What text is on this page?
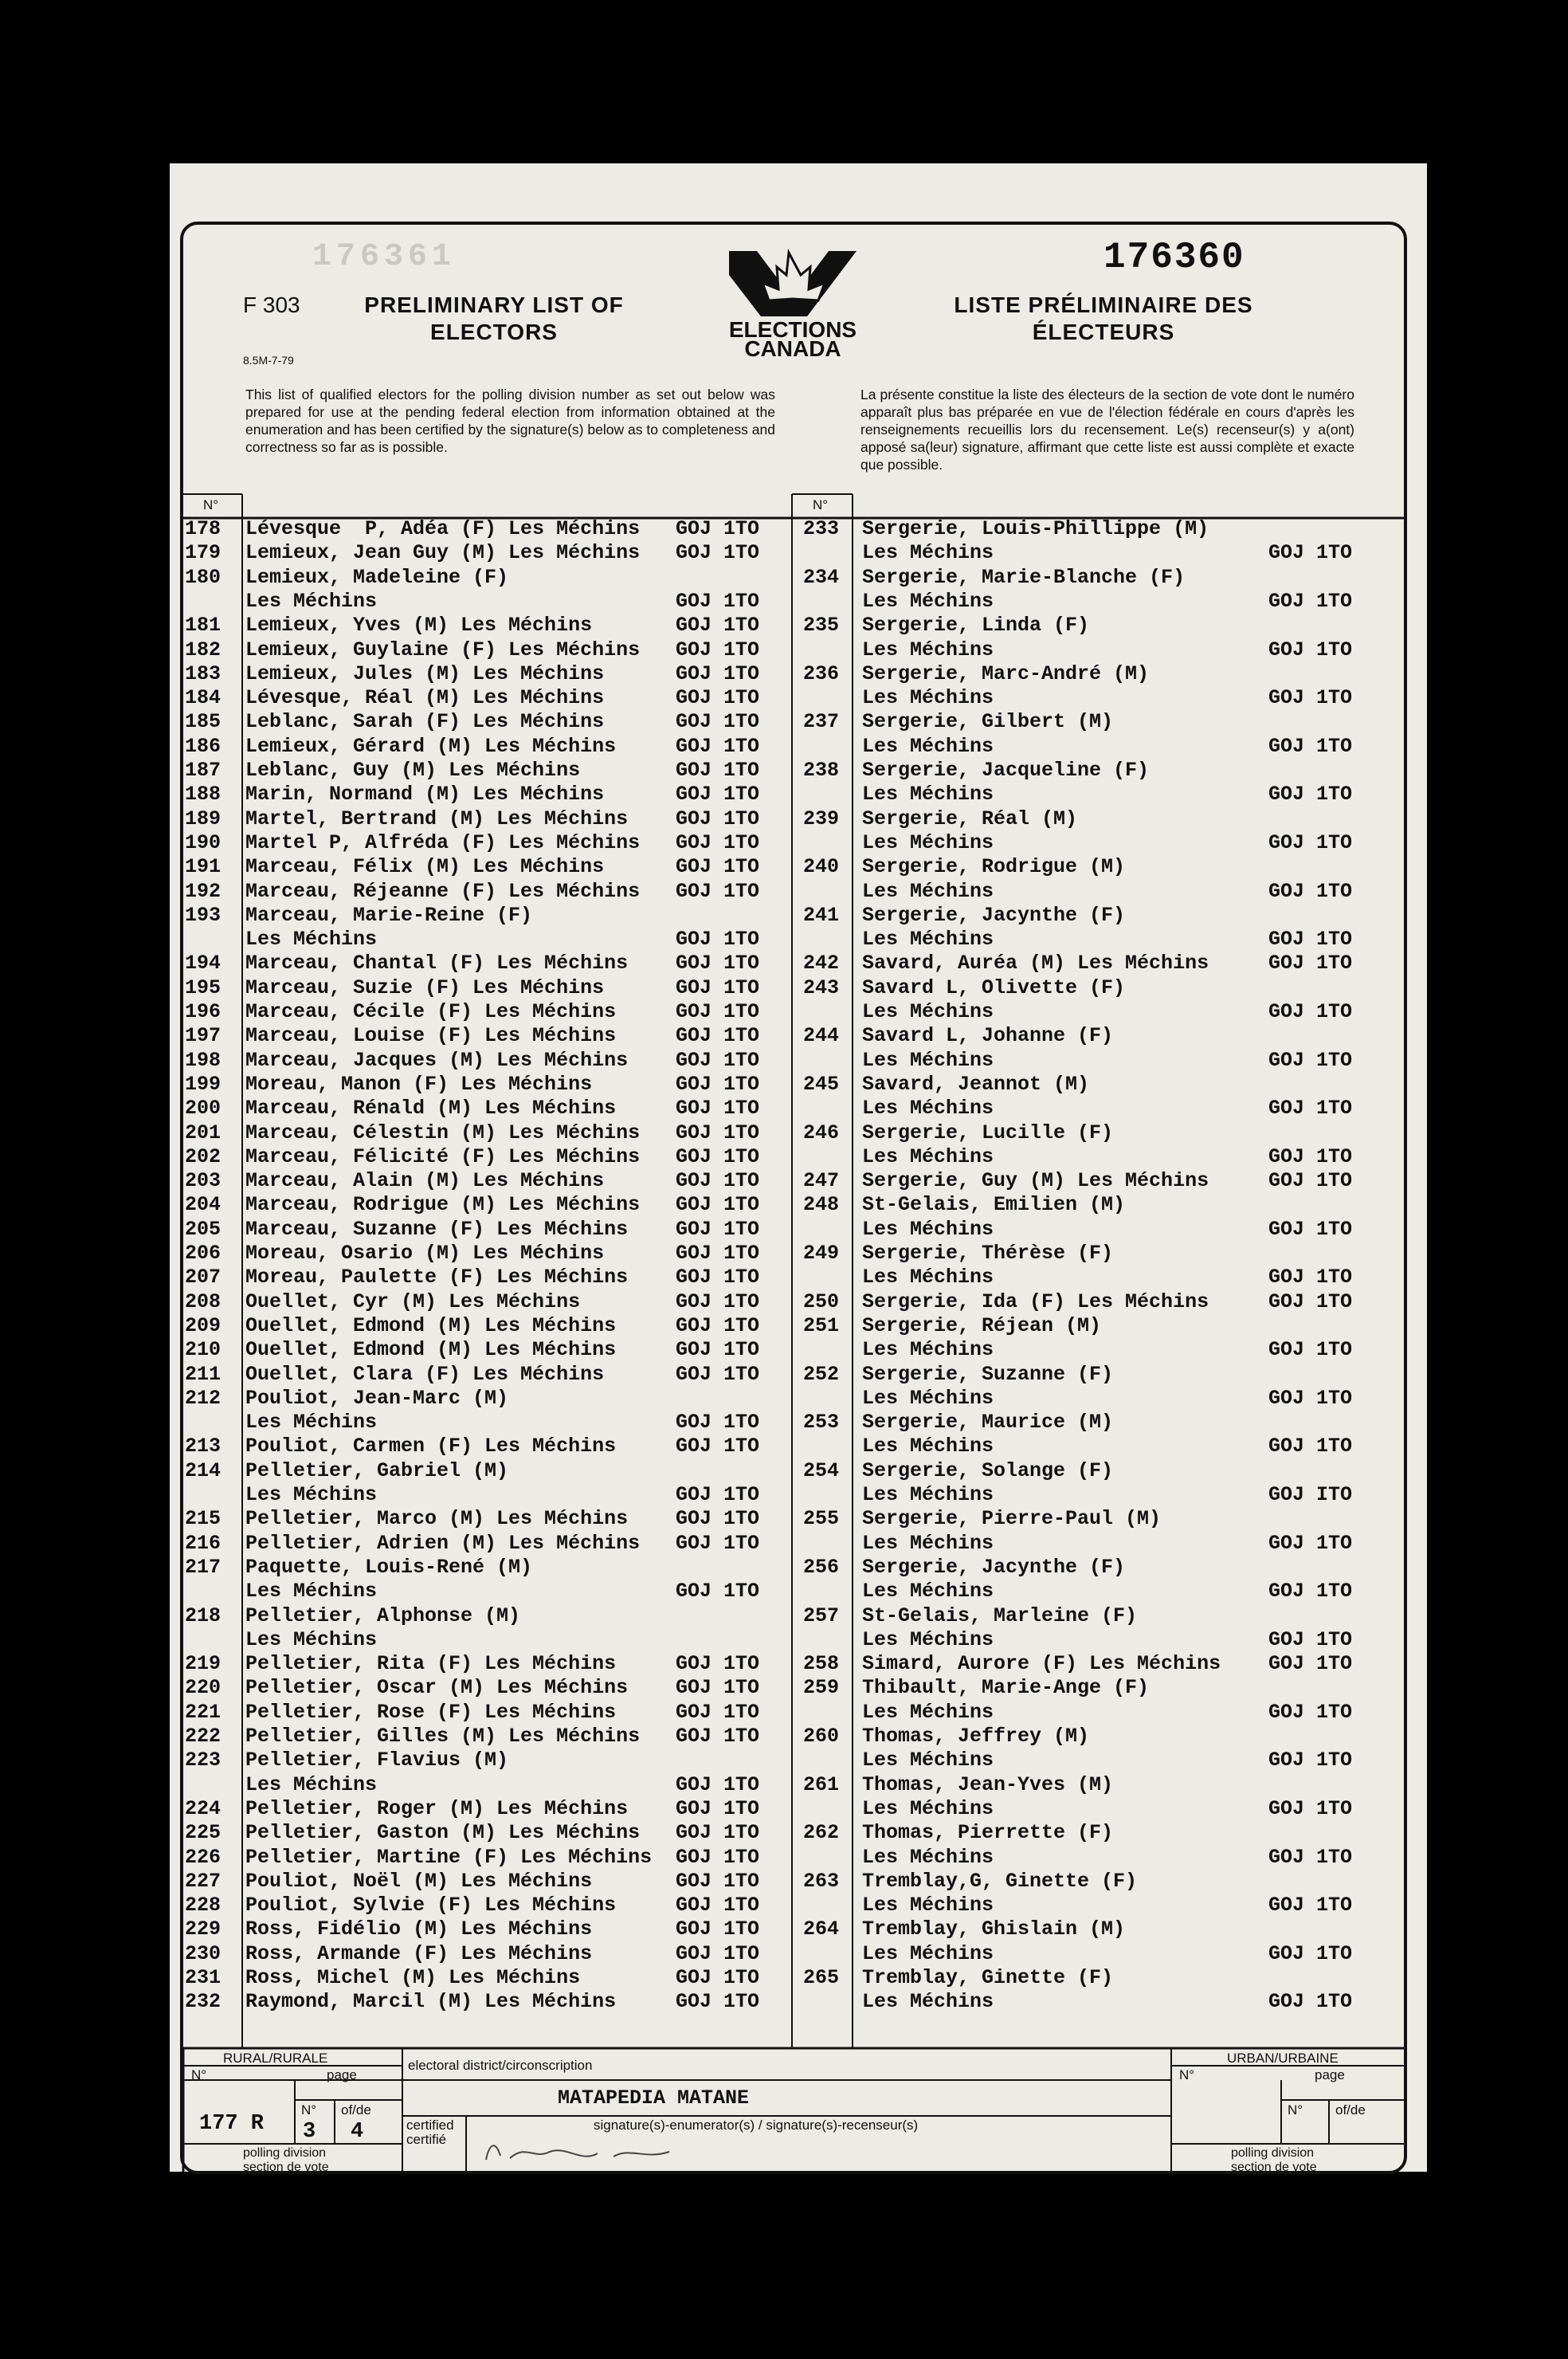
176361
F 303	PRELIMINARY LIST OF ELECTORS
8.5M-7-79
ELECTIONS
CANADA
176360
LISTE PRÉLIMINAIRE DES ÉLECTEURS
This list of qualified electors for the polling division number as set out below was prepared for use at the pending federal election from information obtained at the enumeration and has been certified by the signature(s) below as to completeness and correctness so far as is possible.
La présente constitue la liste des électeurs de la section de vote dont le numéro apparaît plus bas préparée en vue de l'élection fédérale en cours d'après les renseignements recueillis lors du recensement. Le(s) recenseur(s) y a(ont) apposé sa(leur) signature, affirmant que cette liste est aussi complète et exacte que possible.
N°	N°
178 Lévesque  P, Adéa (F) Les Méchins GOJ 1TO
179 Lemieux, Jean Guy (M) Les Méchins GOJ 1TO
180 Lemieux, Madeleine (F)
Les Méchins	GOJ 1TO
181 Lemieux, Yves (M) Les Méchins	GOJ 1TO
182 Lemieux, Guylaine (F) Les Méchins GOJ 1TO
183 Lemieux, Jules (M) Les Méchins	GOJ 1TO
184 Lévesque, Réal (M) Les Méchins	GOJ 1TO
185 Leblanc, Sarah (F) Les Méchins	GOJ 1TO
186 Lemieux, Gérard (M) Les Méchins	GOJ 1TO
187 Leblanc, Guy (M) Les Méchins	GOJ 1TO
188 Marin, Normand (M) Les Méchins	GOJ 1TO
189 Martel, Bertrand (M) Les Méchins GOJ 1TO
190 Martel P, Alfréda (F) Les Méchins GOJ 1TO
191 Marceau, Félix (M) Les Méchins	GOJ 1TO
192 Marceau, Réjeanne (F) Les Méchins GOJ 1TO
193 Marceau, Marie-Reine (F)
Les Méchins	GOJ 1TO
194 Marceau, Chantal (F) Les Méchins GOJ 1TO
195 Marceau, Suzie (F) Les Méchins	GOJ 1TO
196 Marceau, Cécile (F) Les Méchins	GOJ 1TO
197 Marceau, Louise (F) Les Méchins	GOJ 1TO
198 Marceau, Jacques (M) Les Méchins GOJ 1TO
199 Moreau, Manon (F) Les Méchins	GOJ 1TO
200 Marceau, Rénald (M) Les Méchins	GOJ 1TO
201 Marceau, Célestin (M) Les Méchins GOJ 1TO
202 Marceau, Félicité (F) Les Méchins GOJ 1TO
203 Marceau, Alain (M) Les Méchins	GOJ 1TO
204 Marceau, Rodrigue (M) Les Méchins GOJ 1TO
205 Marceau, Suzanne (F) Les Méchins GOJ 1TO
206 Moreau, Osario (M) Les Méchins	GOJ 1TO
207 Moreau, Paulette (F) Les Méchins GOJ 1TO
208 Ouellet, Cyr (M) Les Méchins	GOJ 1TO
209 Ouellet, Edmond (M) Les Méchins	GOJ 1TO
210 Ouellet, Edmond (M) Les Méchins	GOJ 1TO
211 Ouellet, Clara (F) Les Méchins	GOJ 1TO
212 Pouliot, Jean-Marc (M)
Les Méchins	GOJ 1TO
213 Pouliot, Carmen (F) Les Méchins	GOJ 1TO
214 Pelletier, Gabriel (M)
Les Méchins	GOJ 1TO
215 Pelletier, Marco (M) Les Méchins GOJ 1TO
216 Pelletier, Adrien (M) Les Méchins GOJ 1TO
217 Paquette, Louis-René (M)
Les Méchins	GOJ 1TO
218 Pelletier, Alphonse (M)
Les Méchins
219 Pelletier, Rita (F) Les Méchins	GOJ 1TO
220 Pelletier, Oscar (M) Les Méchins GOJ 1TO
221 Pelletier, Rose (F) Les Méchins	GOJ 1TO
222 Pelletier, Gilles (M) Les Méchins GOJ 1TO
223 Pelletier, Flavius (M)
Les Méchins	GOJ 1TO
224 Pelletier, Roger (M) Les Méchins GOJ 1TO
225 Pelletier, Gaston (M) Les Méchins GOJ 1TO
226 Pelletier, Martine (F) Les Méchins GOJ 1TO
227 Pouliot, Noël (M) Les Méchins	GOJ 1TO
228 Pouliot, Sylvie (F) Les Méchins	GOJ 1TO
229 Ross, Fidélio (M) Les Méchins	GOJ 1TO
230 Ross, Armande (F) Les Méchins	GOJ 1TO
231 Ross, Michel (M) Les Méchins	GOJ 1TO
232 Raymond, Marcil (M) Les Méchins	GOJ 1TO
233 Sergerie, Louis-Phillippe (M)
Les Méchins	GOJ 1TO
234 Sergerie, Marie-Blanche (F)
Les Méchins	GOJ 1TO
235 Sergerie, Linda (F)
Les Méchins	GOJ 1TO
236 Sergerie, Marc-André (M)
Les Méchins	GOJ 1TO
237 Sergerie, Gilbert (M)
Les Méchins	GOJ 1TO
238 Sergerie, Jacqueline (F)
Les Méchins	GOJ 1TO
239 Sergerie, Réal (M)
Les Méchins	GOJ 1TO
240 Sergerie, Rodrigue (M)
Les Méchins	GOJ 1TO
241 Sergerie, Jacynthe (F)
Les Méchins	GOJ 1TO
242 Savard, Auréa (M) Les Méchins	GOJ 1TO
243 Savard L, Olivette (F)
Les Méchins	GOJ 1TO
244 Savard L, Johanne (F)
Les Méchins	GOJ 1TO
245 Savard, Jeannot (M)
Les Méchins	GOJ 1TO
246 Sergerie, Lucille (F)
Les Méchins	GOJ 1TO
247 Sergerie, Guy (M) Les Méchins	GOJ 1TO
248 St-Gelais, Emilien (M)
Les Méchins	GOJ 1TO
249 Sergerie, Thérèse (F)
Les Méchins	GOJ 1TO
250 Sergerie, Ida (F) Les Méchins	GOJ 1TO
251 Sergerie, Réjean (M)
Les Méchins	GOJ 1TO
252 Sergerie, Suzanne (F)
Les Méchins	GOJ 1TO
253 Sergerie, Maurice (M)
Les Méchins	GOJ 1TO
254 Sergerie, Solange (F)
Les Méchins	GOJ ITO
255 Sergerie, Pierre-Paul (M)
Les Méchins	GOJ 1TO
256 Sergerie, Jacynthe (F)
Les Méchins	GOJ 1TO
257 St-Gelais, Marleine (F)
Les Méchins	GOJ 1TO
258 Simard, Aurore (F) Les Méchins GOJ 1TO
259 Thibault, Marie-Ange (F)
Les Méchins	GOJ 1TO
260 Thomas, Jeffrey (M)
Les Méchins	GOJ 1TO
261 Thomas, Jean-Yves (M)
Les Méchins	GOJ 1TO
262 Thomas, Pierrette (F)
Les Méchins	GOJ 1TO
263 Tremblay,G, Ginette (F)
Les Méchins	GOJ 1TO
264 Tremblay, Ghislain (M)
Les Méchins	GOJ 1TO
265 Tremblay, Ginette (F)
Les Méchins	GOJ 1TO
RURAL/RURALE	URBAN/URBAINE
electoral district/circonscription
MATAPEDIA MATANE
N°	page
N° of/de
177 R 3 4	certified
certifié
signature(s)-enumerator(s) / signature(s)-recenseur(s)
polling division
section de vote
N°	page
N° of/de
polling division
section de vote
